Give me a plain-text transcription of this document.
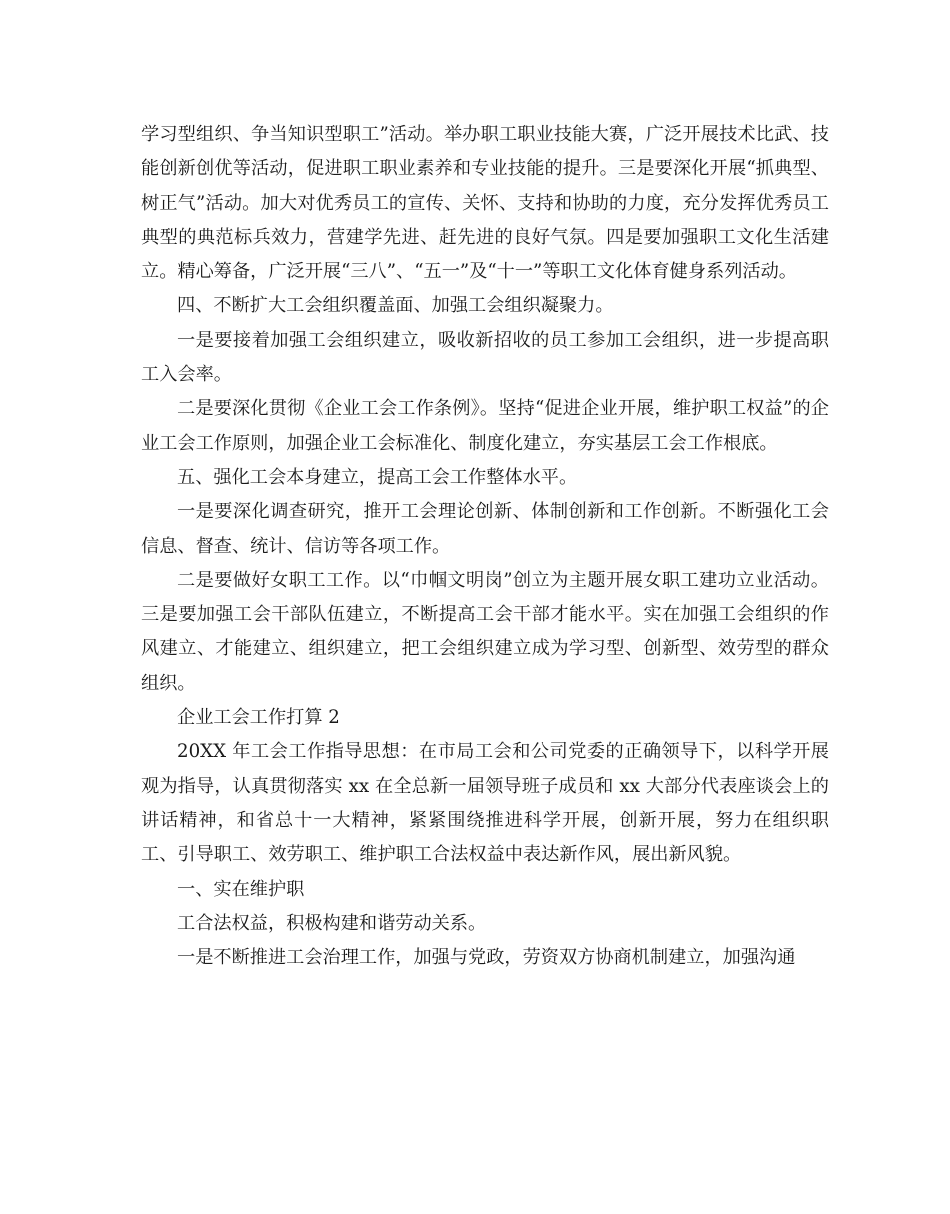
学习型组织、争当知识型职工”活动。举办职工职业技能大赛，广泛开展技术比武、技能创新创优等活动，促进职工职业素养和专业技能的提升。三是要深化开展“抓典型、树正气”活动。加大对优秀员工的宣传、关怀、支持和协助的力度，充分发挥优秀员工典型的典范标兵效力，营建学先进、赶先进的良好气氛。四是要加强职工文化生活建立。精心筹备，广泛开展“三八”、“五一”及“十一”等职工文化体育健身系列活动。

四、不断扩大工会组织覆盖面、加强工会组织凝聚力。

一是要接着加强工会组织建立，吸收新招收的员工参加工会组织，进一步提高职工入会率。

二是要深化贯彻《企业工会工作条例》。坚持“促进企业开展，维护职工权益”的企业工会工作原则，加强企业工会标准化、制度化建立，夯实基层工会工作根底。

五、强化工会本身建立，提高工会工作整体水平。

一是要深化调查研究，推开工会理论创新、体制创新和工作创新。不断强化工会信息、督查、统计、信访等各项工作。

二是要做好女职工工作。以“巾帼文明岗”创立为主题开展女职工建功立业活动。三是要加强工会干部队伍建立，不断提高工会干部才能水平。实在加强工会组织的作风建立、才能建立、组织建立，把工会组织建立成为学习型、创新型、效劳型的群众组织。

企业工会工作打算 2

20XX 年工会工作指导思想：在市局工会和公司党委的正确领导下，以科学开展观为指导，认真贯彻落实 xx 在全总新一届领导班子成员和 xx 大部分代表座谈会上的讲话精神，和省总十一大精神，紧紧围绕推进科学开展，创新开展，努力在组织职工、引导职工、效劳职工、维护职工合法权益中表达新作风，展出新风貌。

一、实在维护职

工合法权益，积极构建和谐劳动关系。

一是不断推进工会治理工作，加强与党政，劳资双方协商机制建立，加强沟通
